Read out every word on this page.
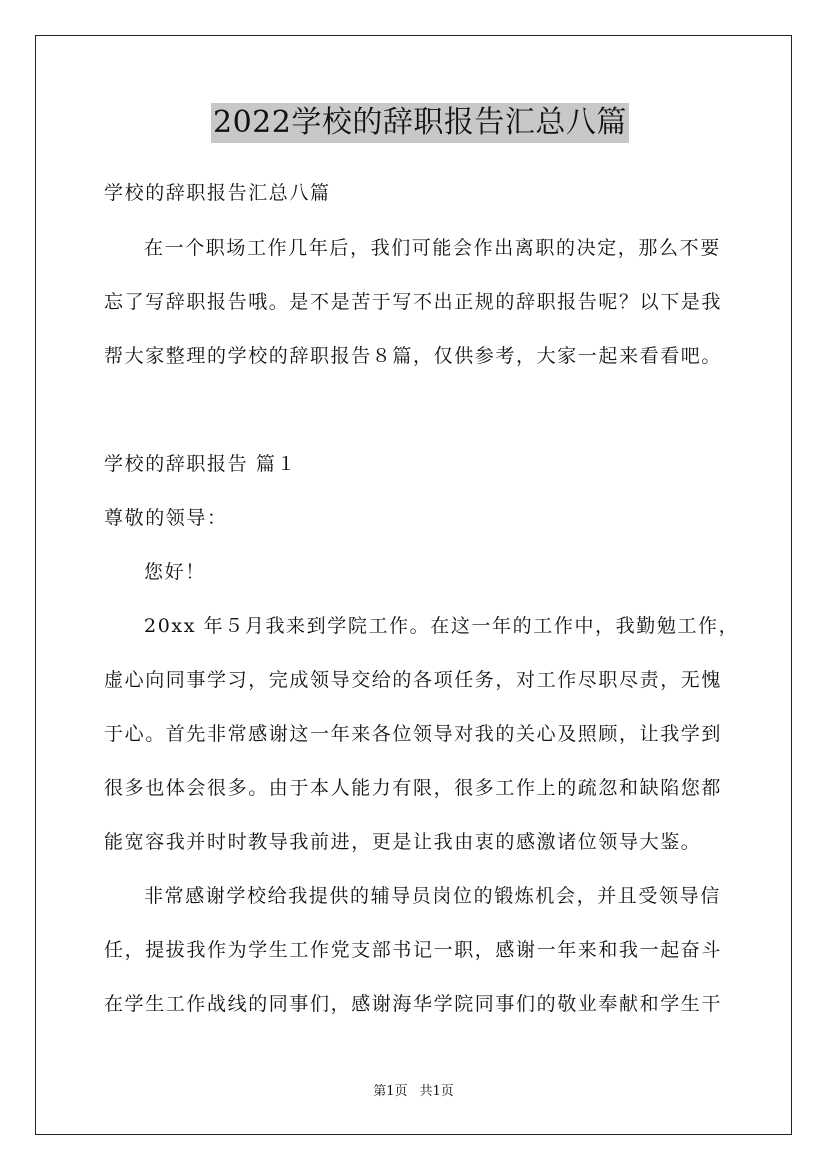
2022学校的辞职报告汇总八篇
学校的辞职报告汇总八篇
在一个职场工作几年后，我们可能会作出离职的决定，那么不要
忘了写辞职报告哦。是不是苦于写不出正规的辞职报告呢？以下是我
帮大家整理的学校的辞职报告８篇，仅供参考，大家一起来看看吧。
学校的辞职报告 篇１
尊敬的领导：
您好！
20xx 年５月我来到学院工作。在这一年的工作中，我勤勉工作，
虚心向同事学习，完成领导交给的各项任务，对工作尽职尽责，无愧
于心。首先非常感谢这一年来各位领导对我的关心及照顾，让我学到
很多也体会很多。由于本人能力有限，很多工作上的疏忽和缺陷您都
能宽容我并时时教导我前进，更是让我由衷的感激诸位领导大鉴。
非常感谢学校给我提供的辅导员岗位的锻炼机会，并且受领导信
任，提拔我作为学生工作党支部书记一职，感谢一年来和我一起奋斗
在学生工作战线的同事们，感谢海华学院同事们的敬业奉献和学生干
第1页 共1页
